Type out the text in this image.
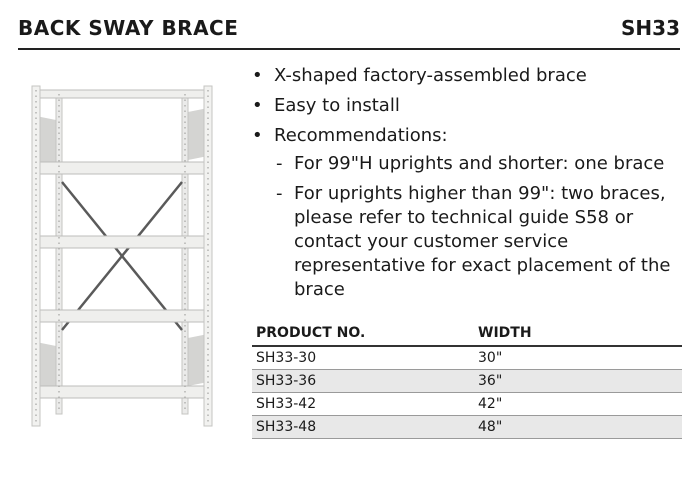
BACK SWAY BRACE	SH33
• X-shaped factory-assembled brace
• Easy to install
• Recommendations:
- For 99"H uprights and shorter: one brace
- For uprights higher than 99": two braces, please refer to technical guide S58 or contact your customer service representative for exact placement of the brace
PRODUCT NO.	WIDTH
SH33-30	30"
SH33-36	36"
SH33-42	42"
SH33-48	48"
